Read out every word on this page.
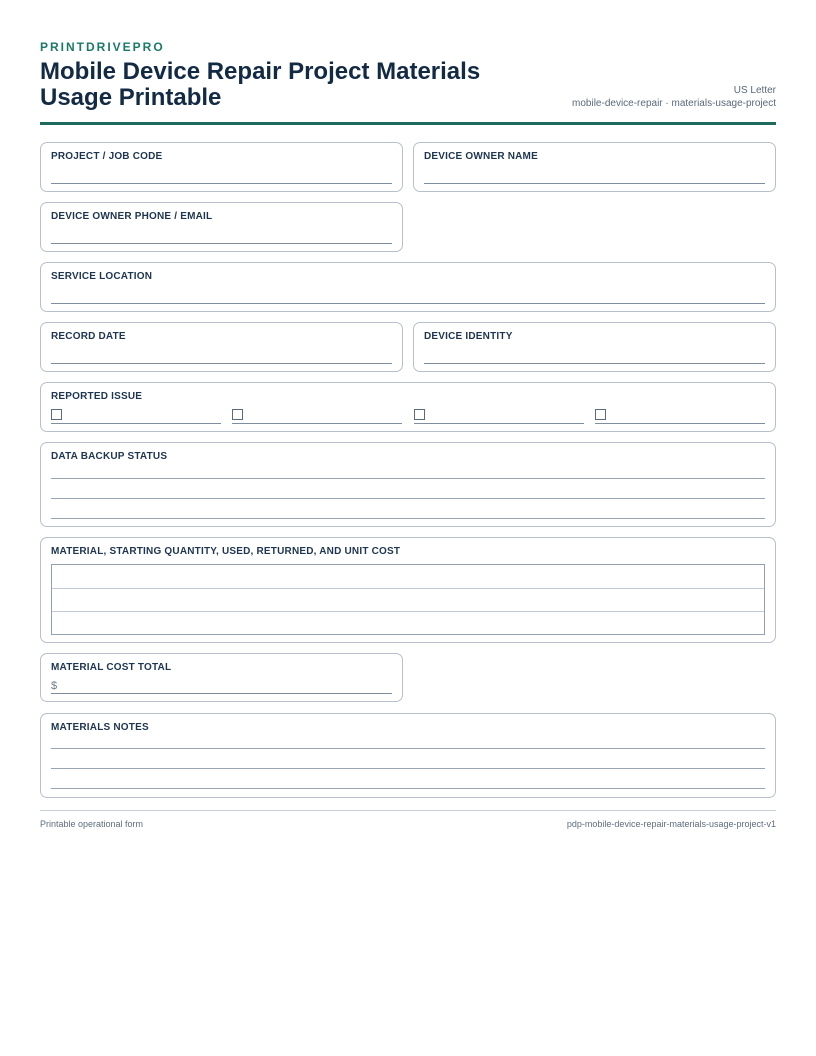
PRINTDRIVEPRO
Mobile Device Repair Project Materials Usage Printable	US Letter
mobile-device-repair · materials-usage-project
PROJECT / JOB CODE	DEVICE OWNER NAME
DEVICE OWNER PHONE / EMAIL
SERVICE LOCATION
RECORD DATE	DEVICE IDENTITY
REPORTED ISSUE
DATA BACKUP STATUS
MATERIAL, STARTING QUANTITY, USED, RETURNED, AND UNIT COST
MATERIAL COST TOTAL
$
MATERIALS NOTES
Printable operational form	pdp-mobile-device-repair-materials-usage-project-v1
